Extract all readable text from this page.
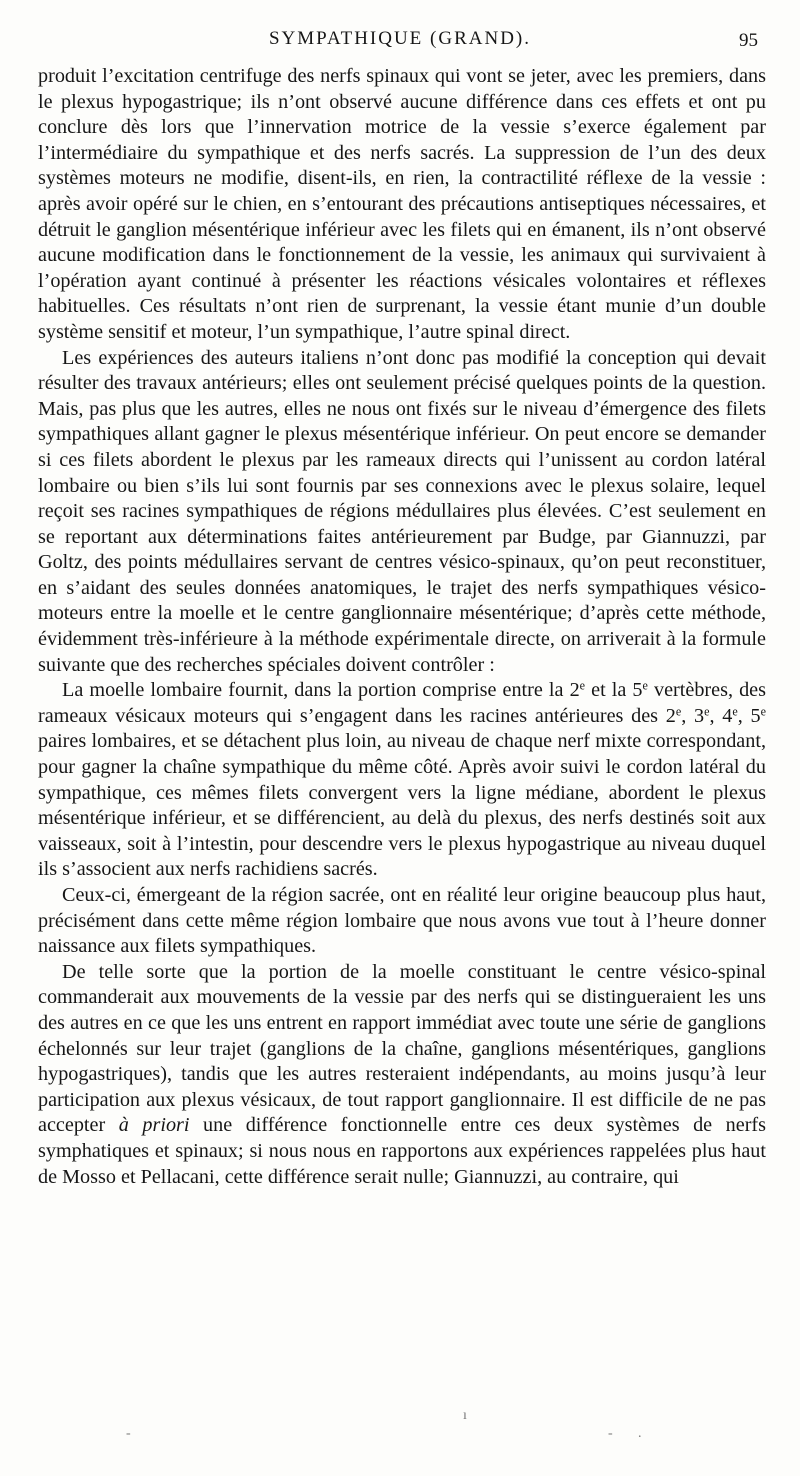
SYMPATHIQUE (GRAND).	95

produit l’excitation centrifuge des nerfs spinaux qui vont se jeter, avec les premiers, dans le plexus hypogastrique; ils n’ont observé aucune différence dans ces effets et ont pu conclure dès lors que l’innervation motrice de la vessie s’exerce également par l’intermédiaire du sympathique et des nerfs sacrés. La suppression de l’un des deux systèmes moteurs ne modifie, disent-ils, en rien, la contractilité réflexe de la vessie : après avoir opéré sur le chien, en s’entourant des précautions antiseptiques nécessaires, et détruit le ganglion mésentérique inférieur avec les filets qui en émanent, ils n’ont observé aucune modification dans le fonctionnement de la vessie, les animaux qui survivaient à l’opération ayant continué à présenter les réactions vésicales volontaires et réflexes habituelles. Ces résultats n’ont rien de surprenant, la vessie étant munie d’un double système sensitif et moteur, l’un sympathique, l’autre spinal direct.

Les expériences des auteurs italiens n’ont donc pas modifié la conception qui devait résulter des travaux antérieurs; elles ont seulement précisé quelques points de la question. Mais, pas plus que les autres, elles ne nous ont fixés sur le niveau d’émergence des filets sympathiques allant gagner le plexus mésentérique inférieur. On peut encore se demander si ces filets abordent le plexus par les rameaux directs qui l’unissent au cordon latéral lombaire ou bien s’ils lui sont fournis par ses connexions avec le plexus solaire, lequel reçoit ses racines sympathiques de régions médullaires plus élevées. C’est seulement en se reportant aux déterminations faites antérieurement par Budge, par Giannuzzi, par Goltz, des points médullaires servant de centres vésico-spinaux, qu’on peut reconstituer, en s’aidant des seules données anatomiques, le trajet des nerfs sympathiques vésico-moteurs entre la moelle et le centre ganglionnaire mésentérique; d’après cette méthode, évidemment très-inférieure à la méthode expérimentale directe, on arriverait à la formule suivante que des recherches spéciales doivent contrôler :

La moelle lombaire fournit, dans la portion comprise entre la 2e et la 5e vertèbres, des rameaux vésicaux moteurs qui s’engagent dans les racines antérieures des 2e, 3e, 4e, 5e paires lombaires, et se détachent plus loin, au niveau de chaque nerf mixte correspondant, pour gagner la chaîne sympathique du même côté. Après avoir suivi le cordon latéral du sympathique, ces mêmes filets convergent vers la ligne médiane, abordent le plexus mésentérique inférieur, et se différencient, au delà du plexus, des nerfs destinés soit aux vaisseaux, soit à l’intestin, pour descendre vers le plexus hypogastrique au niveau duquel ils s’associent aux nerfs rachidiens sacrés.

Ceux-ci, émergeant de la région sacrée, ont en réalité leur origine beaucoup plus haut, précisément dans cette même région lombaire que nous avons vue tout à l’heure donner naissance aux filets sympathiques.

De telle sorte que la portion de la moelle constituant le centre vésico-spinal commanderait aux mouvements de la vessie par des nerfs qui se distingueraient les uns des autres en ce que les uns entrent en rapport immédiat avec toute une série de ganglions échelonnés sur leur trajet (ganglions de la chaîne, ganglions mésentériques, ganglions hypogastriques), tandis que les autres resteraient indépendants, au moins jusqu’à leur participation aux plexus vésicaux, de tout rapport ganglionnaire. Il est difficile de ne pas accepter à priori une différence fonctionnelle entre ces deux systèmes de nerfs symphatiques et spinaux; si nous nous en rapportons aux expériences rappelées plus haut de Mosso et Pellacani, cette différence serait nulle; Giannuzzi, au contraire, qui

ı
-	- .
